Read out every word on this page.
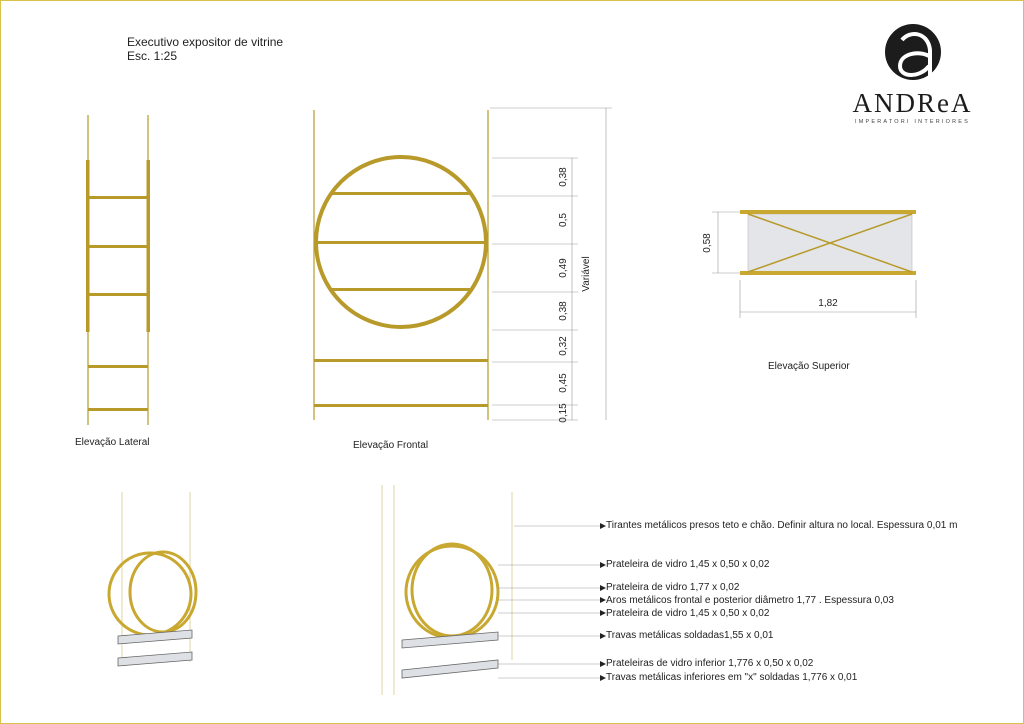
Executivo expositor de vitrine
Esc. 1:25
ANDReA
IMPERATORI INTERIORES
0,38
0,5
0,49
0,38
0,32
0,45
0,15
Variável
0,58
1,82
Elevação Lateral	Elevação Frontal
Elevação Superior
Tirantes metálicos presos teto e chão. Definir altura no local. Espessura 0,01 m
Prateleira de vidro 1,45 x 0,50 x 0,02
Prateleira de vidro 1,77 x 0,02
Aros metálicos frontal e posterior diâmetro 1,77 . Espessura 0,03
Prateleira de vidro 1,45 x 0,50 x 0,02
Travas metálicas soldadas1,55 x 0,01
Prateleiras de vidro inferior 1,776 x 0,50 x 0,02
Travas metálicas inferiores em "x" soldadas 1,776 x 0,01
